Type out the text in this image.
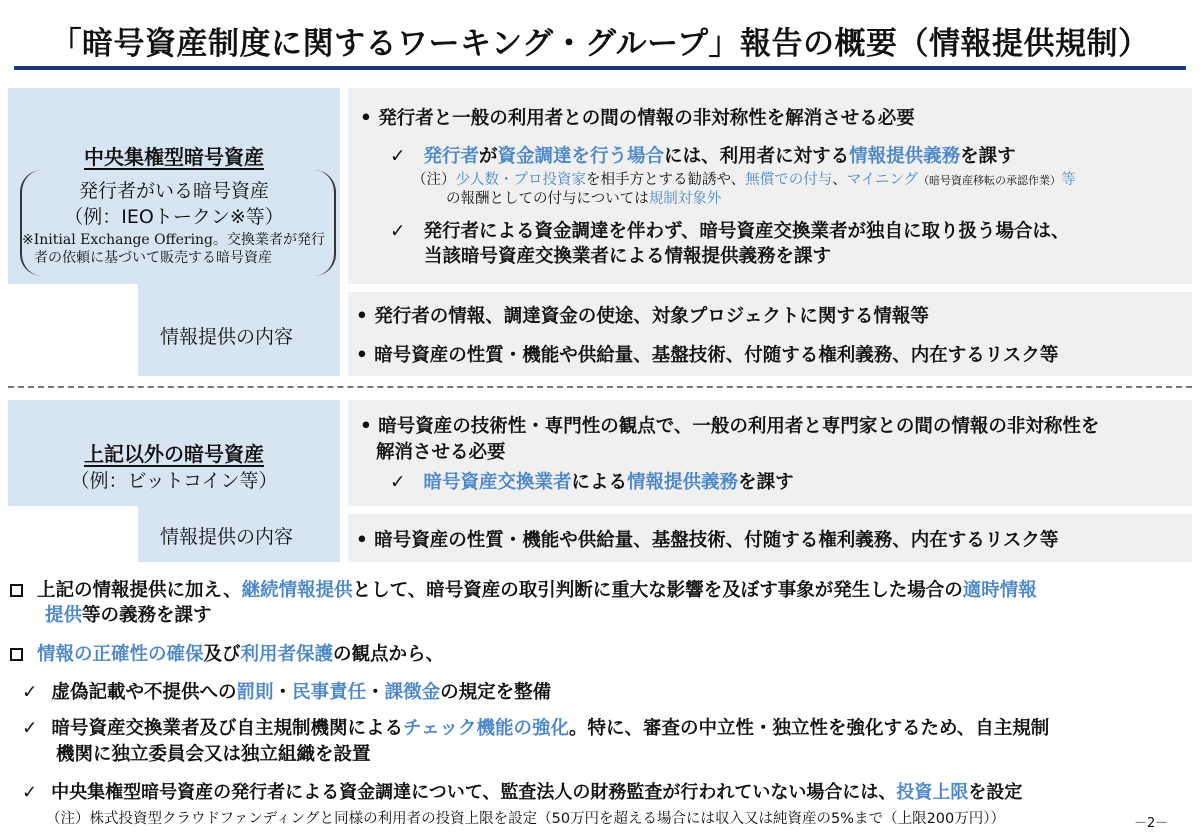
「暗号資産制度に関するワーキング・グループ」報告の概要（情報提供規制）
中央集権型暗号資産
発行者がいる暗号資産
（例：IEOトークン※等）
※Initial Exchange Offering。交換業者が発行
者の依頼に基づいて販売する暗号資産
情報提供の内容
• 発行者と一般の利用者との間の情報の非対称性を解消させる必要
✓ 発行者が資金調達を行う場合には、利用者に対する情報提供義務を課す
（注）少人数・プロ投資家を相手方とする勧誘や、無償での付与、マイニング（暗号資産移転の承認作業）等
の報酬としての付与については規制対象外
✓ 発行者による資金調達を伴わず、暗号資産交換業者が独自に取り扱う場合は、
当該暗号資産交換業者による情報提供義務を課す
• 発行者の情報、調達資金の使途、対象プロジェクトに関する情報等
• 暗号資産の性質・機能や供給量、基盤技術、付随する権利義務、内在するリスク等
上記以外の暗号資産
（例：ビットコイン等）
情報提供の内容
• 暗号資産の技術性・専門性の観点で、一般の利用者と専門家との間の情報の非対称性を
解消させる必要
✓ 暗号資産交換業者による情報提供義務を課す
• 暗号資産の性質・機能や供給量、基盤技術、付随する権利義務、内在するリスク等
上記の情報提供に加え、継続情報提供として、暗号資産の取引判断に重大な影響を及ぼす事象が発生した場合の適時情報
提供等の義務を課す
情報の正確性の確保及び利用者保護の観点から、
✓ 虚偽記載や不提供への罰則・民事責任・課徴金の規定を整備
✓ 暗号資産交換業者及び自主規制機関によるチェック機能の強化。特に、審査の中立性・独立性を強化するため、自主規制
機関に独立委員会又は独立組織を設置
✓ 中央集権型暗号資産の発行者による資金調達について、監査法人の財務監査が行われていない場合には、投資上限を設定
（注）株式投資型クラウドファンディングと同様の利用者の投資上限を設定（50万円を超える場合には収入又は純資産の5%まで（上限200万円））	－2－
